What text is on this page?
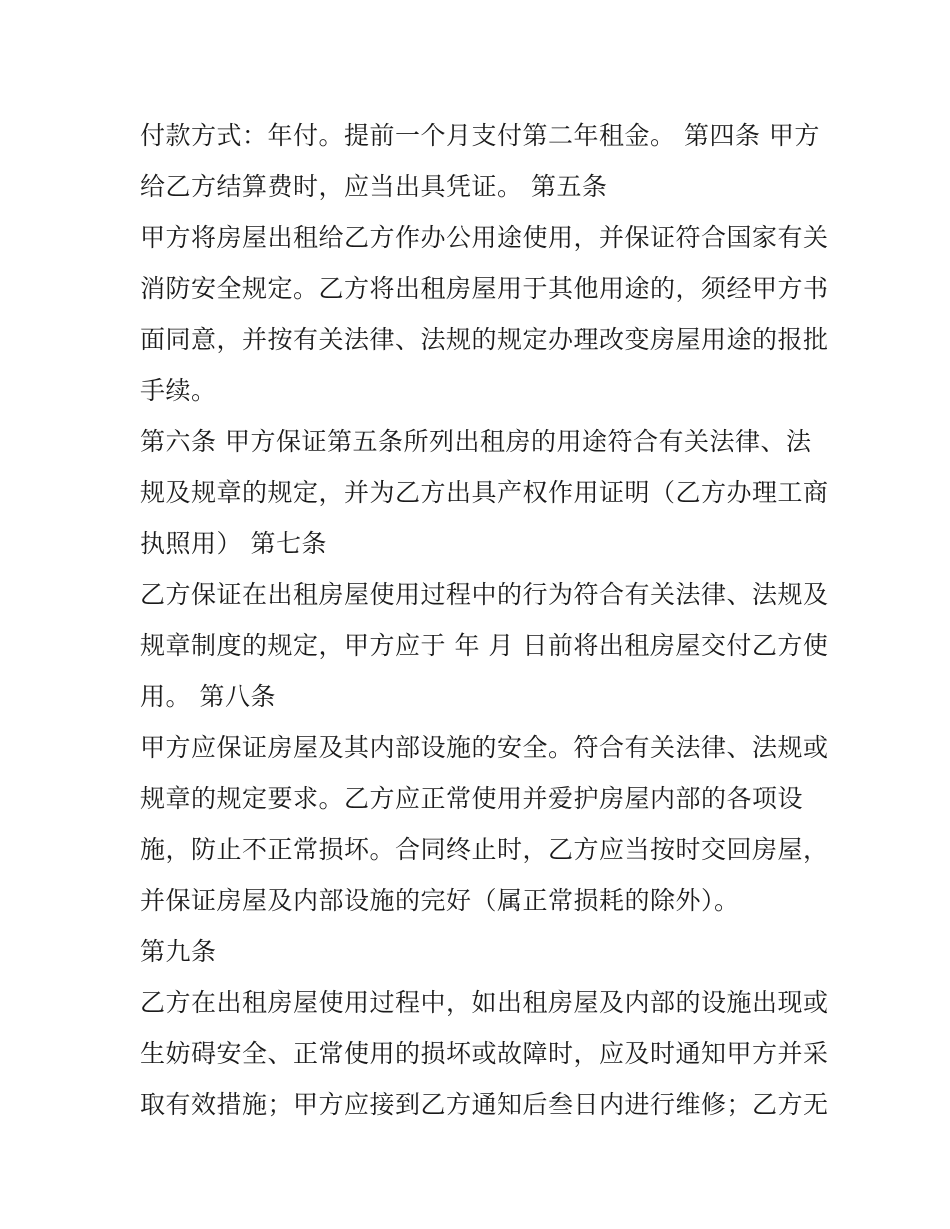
付款方式：年付。提前一个月支付第二年租金。 第四条 甲方
给乙方结算费时，应当出具凭证。 第五条
甲方将房屋出租给乙方作办公用途使用，并保证符合国家有关
消防安全规定。乙方将出租房屋用于其他用途的，须经甲方书
面同意，并按有关法律、法规的规定办理改变房屋用途的报批
手续。
第六条 甲方保证第五条所列出租房的用途符合有关法律、法
规及规章的规定，并为乙方出具产权作用证明（乙方办理工商
执照用） 第七条
乙方保证在出租房屋使用过程中的行为符合有关法律、法规及
规章制度的规定，甲方应于 年 月 日前将出租房屋交付乙方使
用。 第八条
甲方应保证房屋及其内部设施的安全。符合有关法律、法规或
规章的规定要求。乙方应正常使用并爱护房屋内部的各项设
施，防止不正常损坏。合同终止时，乙方应当按时交回房屋，
并保证房屋及内部设施的完好（属正常损耗的除外）。
第九条
乙方在出租房屋使用过程中，如出租房屋及内部的设施出现或
生妨碍安全、正常使用的损坏或故障时，应及时通知甲方并采
取有效措施；甲方应接到乙方通知后叁日内进行维修；乙方无
